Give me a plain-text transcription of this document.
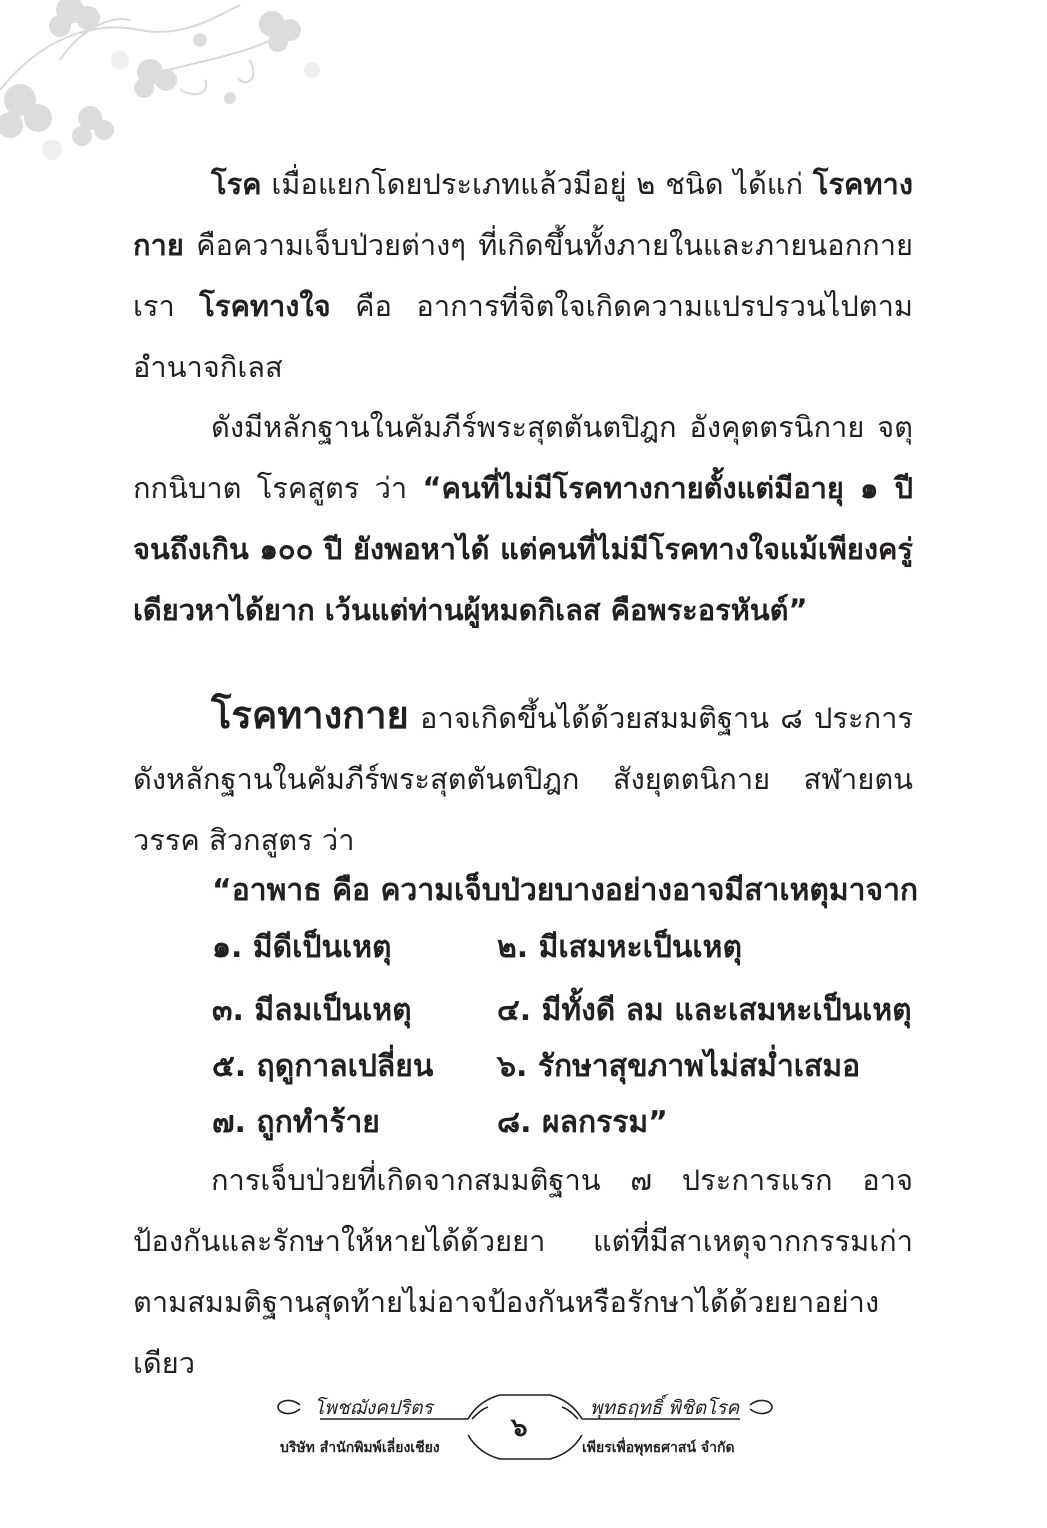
โรค เมื่อแยกโดยประเภทแล้วมีอยู่ ๒ ชนิด ได้แก่ โรคทางกาย คือความเจ็บป่วยต่างๆ ที่เกิดขึ้นทั้งภายในและภายนอกกายเรา โรคทางใจ คือ อาการที่จิตใจเกิดความแปรปรวนไปตามอำนาจกิเลส

ดังมีหลักฐานในคัมภีร์พระสุตตันตปิฎก อังคุตตรนิกาย จตุกกนิบาต โรคสูตร ว่า “คนที่ไม่มีโรคทางกายตั้งแต่มีอายุ ๑ ปี จนถึงเกิน ๑๐๐ ปี ยังพอหาได้ แต่คนที่ไม่มีโรคทางใจแม้เพียงครู่เดียวหาได้ยาก เว้นแต่ท่านผู้หมดกิเลส คือพระอรหันต์”

โรคทางกาย อาจเกิดขึ้นได้ด้วยสมมติฐาน ๘ ประการ ดังหลักฐานในคัมภีร์พระสุตตันตปิฎก สังยุตตนิกาย สฬายตนวรรค สิวกสูตร ว่า

“อาพาธ คือ ความเจ็บป่วยบางอย่างอาจมีสาเหตุมาจาก
๑. มีดีเป็นเหตุ	๒. มีเสมหะเป็นเหตุ
๓. มีลมเป็นเหตุ	๔. มีทั้งดี ลม และเสมหะเป็นเหตุ
๕. ฤดูกาลเปลี่ยน ๖. รักษาสุขภาพไม่สม่ำเสมอ
๗. ถูกทำร้าย	๘. ผลกรรม”

การเจ็บป่วยที่เกิดจากสมมติฐาน ๗ ประการแรก อาจป้องกันและรักษาให้หายได้ด้วยยา แต่ที่มีสาเหตุจากกรรมเก่าตามสมมติฐานสุดท้ายไม่อาจป้องกันหรือรักษาได้ด้วยยาอย่างเดียว

โพชฌังคปริตร	พุทธฤทธิ์ พิชิตโรค
๖
บริษัท สำนักพิมพ์เลี่ยงเชียง	เพียรเพื่อพุทธศาสน์ จำกัด
